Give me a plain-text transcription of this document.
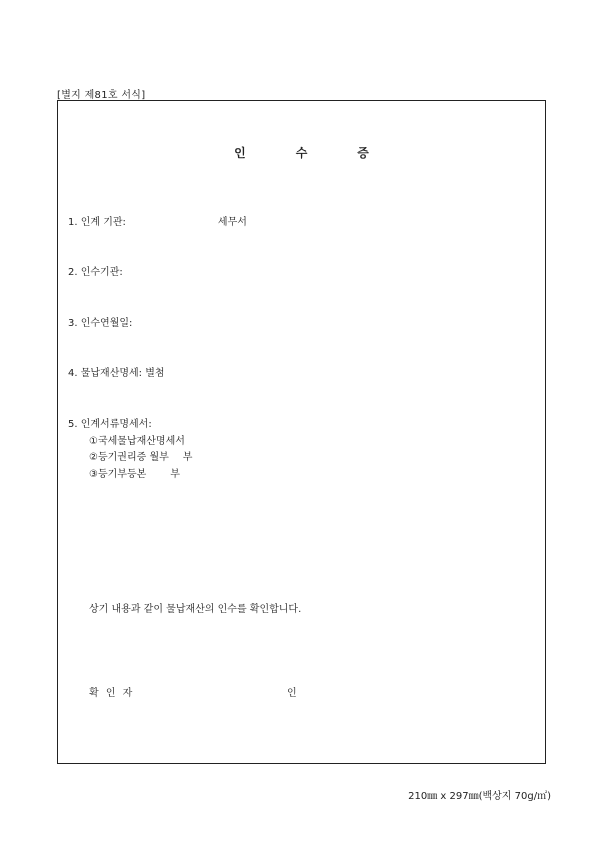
[별지 제81호 서식]
인	수	증
1. 인계 기관:	세무서
2. 인수기관:
3. 인수연월일:
4. 물납재산명세: 별첨
5. 인계서류명세서:
①국세물납재산명세서
②등기권리증 월부 부
③등기부등본 부
상기 내용과 같이 물납재산의 인수를 확인합니다.
확 인 자	인
210㎜ x 297㎜(백상지 70g/㎡)
